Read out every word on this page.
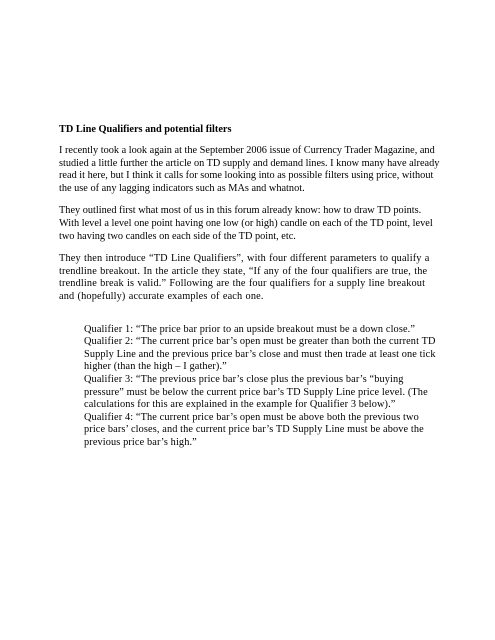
TD Line Qualifiers and potential filters

I recently took a look again at the September 2006 issue of Currency Trader Magazine, and studied a little further the article on TD supply and demand lines. I know many have already read it here, but I think it calls for some looking into as possible filters using price, without the use of any lagging indicators such as MAs and whatnot.

They outlined first what most of us in this forum already know: how to draw TD points. With level a level one point having one low (or high) candle on each of the TD point, level two having two candles on each side of the TD point, etc.

They then introduce “TD Line Qualifiers”, with four different parameters to qualify a trendline breakout. In the article they state, “If any of the four qualifiers are true, the trendline break is valid.” Following are the four qualifiers for a supply line breakout and (hopefully) accurate examples of each one.

Qualifier 1: “The price bar prior to an upside breakout must be a down close.”

Qualifier 2: “The current price bar’s open must be greater than both the current TD Supply Line and the previous price bar’s close and must then trade at least one tick higher (than the high – I gather).”

Qualifier 3: “The previous price bar’s close plus the previous bar’s “buying pressure” must be below the current price bar’s TD Supply Line price level. (The calculations for this are explained in the example for Qualifier 3 below).”

Qualifier 4: “The current price bar’s open must be above both the previous two price bars’ closes, and the current price bar’s TD Supply Line must be above the previous price bar’s high.”
